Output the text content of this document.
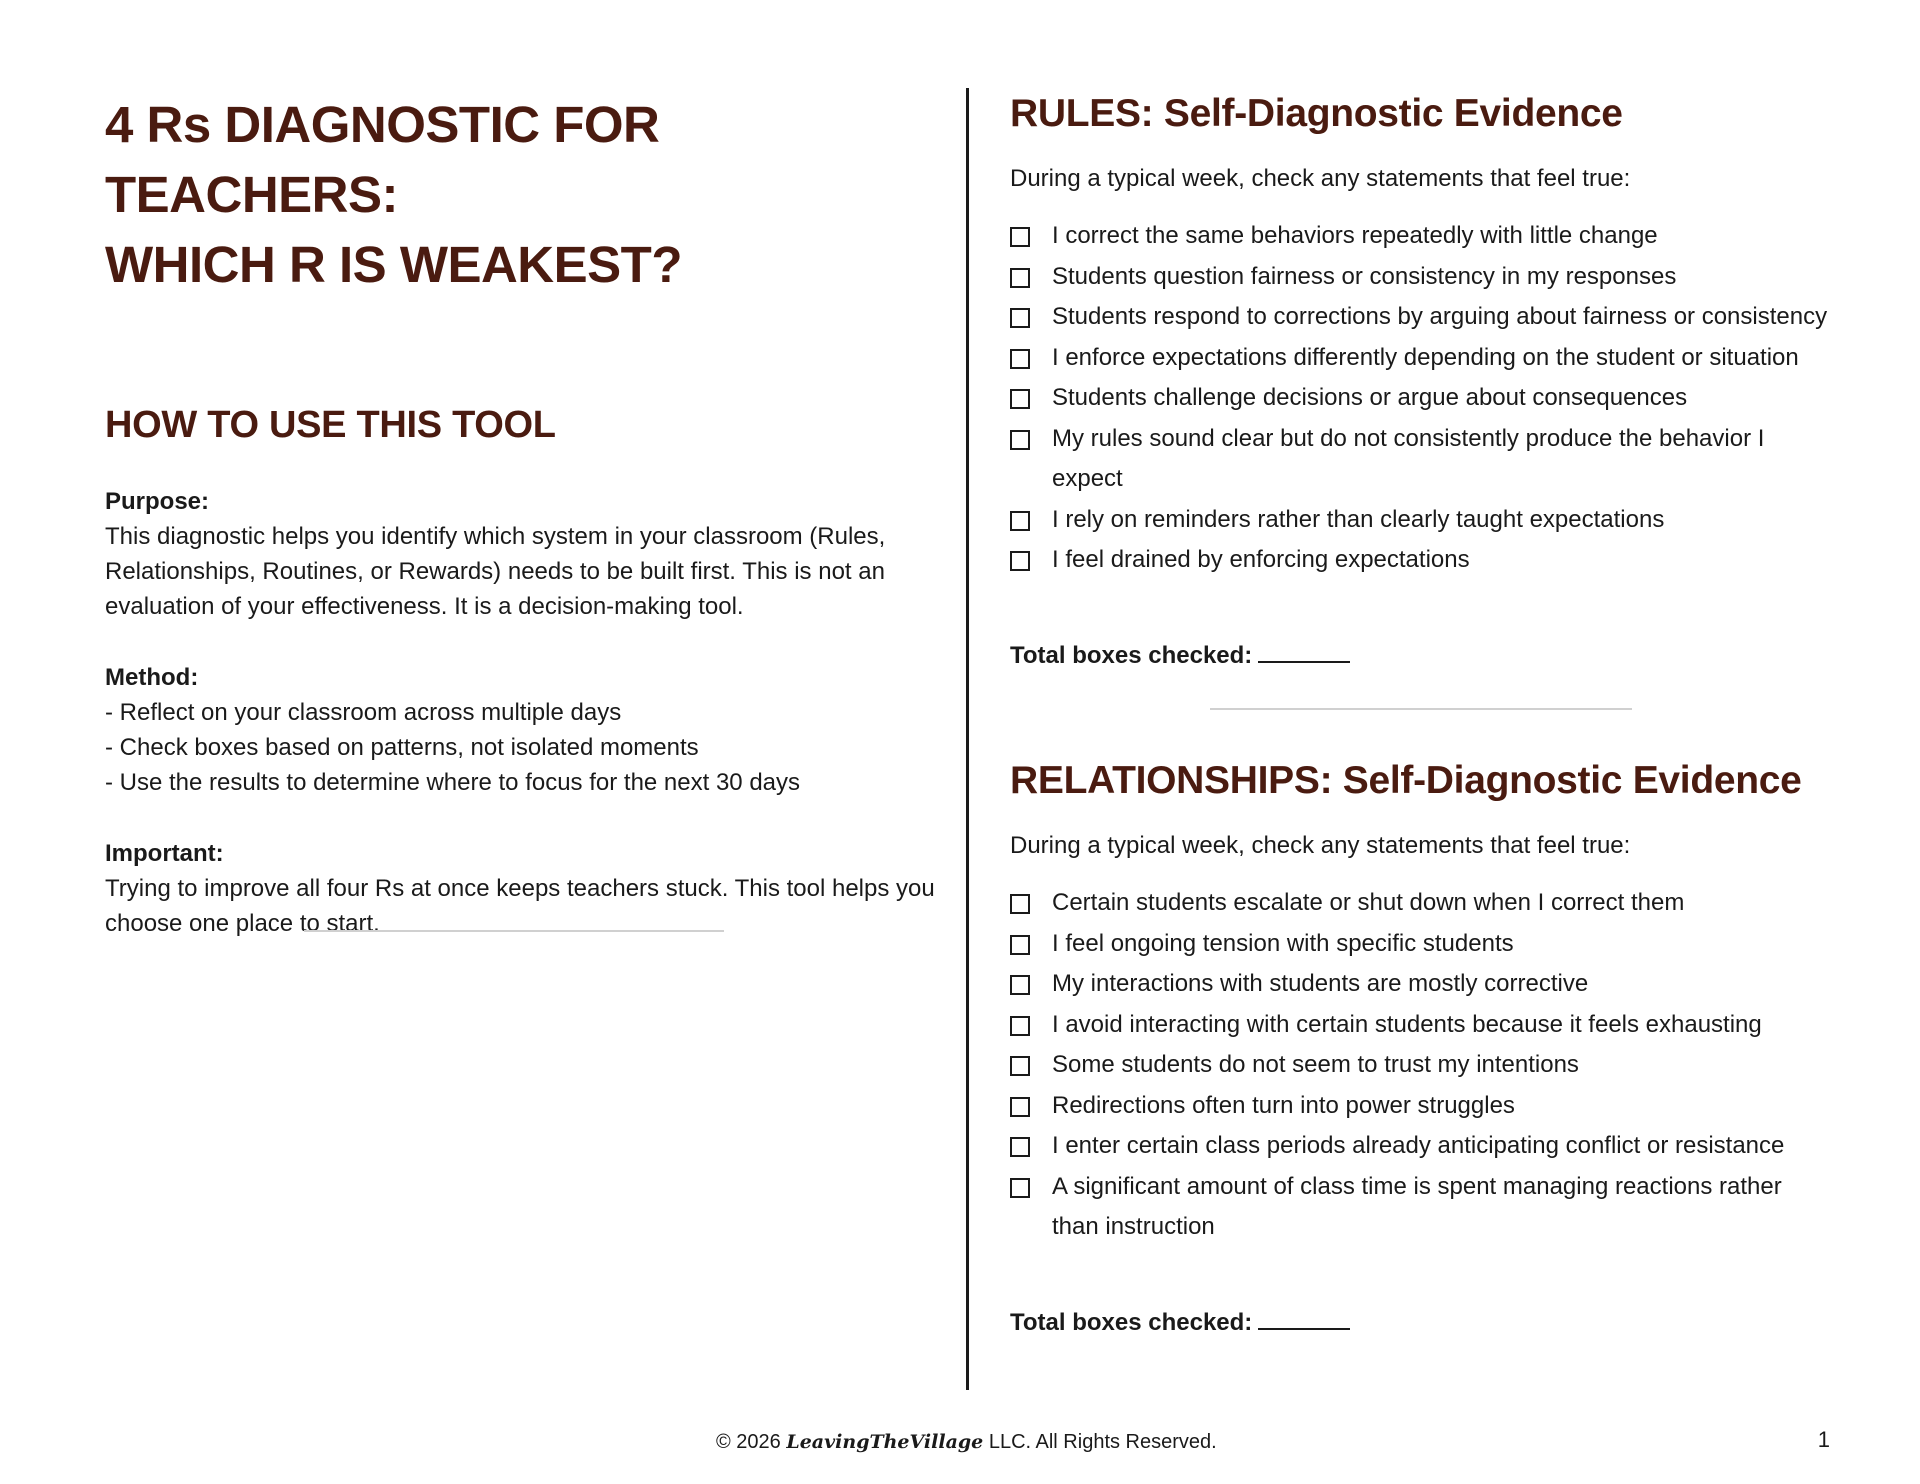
4 Rs DIAGNOSTIC FOR TEACHERS:
WHICH R IS WEAKEST?
HOW TO USE THIS TOOL
Purpose:
This diagnostic helps you identify which system in your classroom (Rules, Relationships, Routines, or Rewards) needs to be built first. This is not an evaluation of your effectiveness. It is a decision-making tool.
Method:
- Reflect on your classroom across multiple days
- Check boxes based on patterns, not isolated moments
- Use the results to determine where to focus for the next 30 days
Important:
Trying to improve all four Rs at once keeps teachers stuck. This tool helps you choose one place to start.
RULES: Self-Diagnostic Evidence
During a typical week, check any statements that feel true:
I correct the same behaviors repeatedly with little change
Students question fairness or consistency in my responses
Students respond to corrections by arguing about fairness or consistency
I enforce expectations differently depending on the student or situation
Students challenge decisions or argue about consequences
My rules sound clear but do not consistently produce the behavior I expect
I rely on reminders rather than clearly taught expectations
I feel drained by enforcing expectations
Total boxes checked:
RELATIONSHIPS: Self-Diagnostic Evidence
During a typical week, check any statements that feel true:
Certain students escalate or shut down when I correct them
I feel ongoing tension with specific students
My interactions with students are mostly corrective
I avoid interacting with certain students because it feels exhausting
Some students do not seem to trust my intentions
Redirections often turn into power struggles
I enter certain class periods already anticipating conflict or resistance
A significant amount of class time is spent managing reactions rather than instruction
Total boxes checked:
© 2026 LeavingTheVillage LLC. All Rights Reserved.	1
